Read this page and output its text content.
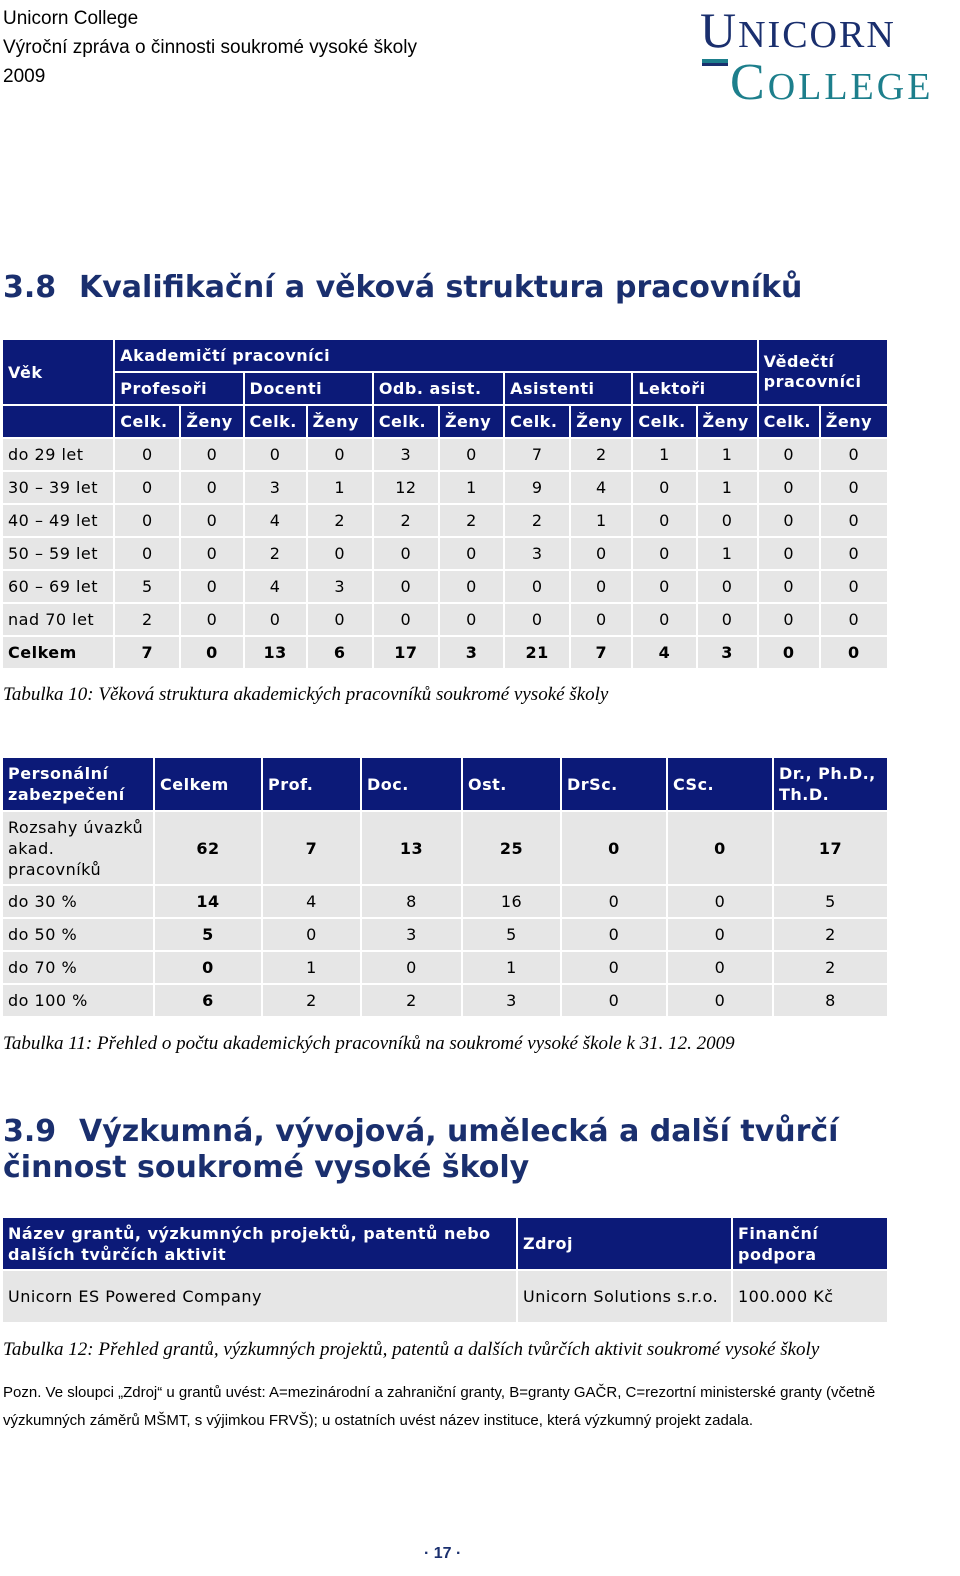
Unicorn College
Výroční zpráva o činnosti soukromé vysoké školy
2009
UNICORN
COLLEGE
3.8 Kvalifikační a věková struktura pracovníků
Věk	Akademičtí pracovníci										Vědečtí pracovníci	
	Profesoři		Docenti		Odb. asist.		Asistenti		Lektoři			
	Celk.	Ženy	Celk.	Ženy	Celk.	Ženy	Celk.	Ženy	Celk.	Ženy	Celk.	Ženy
do 29 let	0	0	0	0	3	0	7	2	1	1	0	0
30 – 39 let	0	0	3	1	12	1	9	4	0	1	0	0
40 – 49 let	0	0	4	2	2	2	2	1	0	0	0	0
50 – 59 let	0	0	2	0	0	0	3	0	0	1	0	0
60 – 69 let	5	0	4	3	0	0	0	0	0	0	0	0
nad 70 let	2	0	0	0	0	0	0	0	0	0	0	0
Celkem	7	0	13	6	17	3	21	7	4	3	0	0
Tabulka 10: Věková struktura akademických pracovníků soukromé vysoké školy
Personální zabezpečení	Celkem	Prof.	Doc.	Ost.	DrSc.	CSc.	Dr., Ph.D., Th.D.
Rozsahy úvazků akad. pracovníků	62	7	13	25	0	0	17
do 30 %	14	4	8	16	0	0	5
do 50 %	5	0	3	5	0	0	2
do 70 %	0	1	0	1	0	0	2
do 100 %	6	2	2	3	0	0	8
Tabulka 11: Přehled o počtu akademických pracovníků na soukromé vysoké škole k 31. 12. 2009
3.9 Výzkumná, vývojová, umělecká a další tvůrčí
činnost soukromé vysoké školy
Název grantů, výzkumných projektů, patentů nebo dalších tvůrčích aktivit	Zdroj	Finanční podpora
Unicorn ES Powered Company	Unicorn Solutions s.r.o.	100.000 Kč
Tabulka 12: Přehled grantů, výzkumných projektů, patentů a dalších tvůrčích aktivit soukromé vysoké školy
Pozn. Ve sloupci „Zdroj“ u grantů uvést: A=mezinárodní a zahraniční granty, B=granty GAČR, C=rezortní ministerské granty (včetně výzkumných záměrů MŠMT, s výjimkou FRVŠ); u ostatních uvést název instituce, která výzkumný projekt zadala.
· 17 ·
